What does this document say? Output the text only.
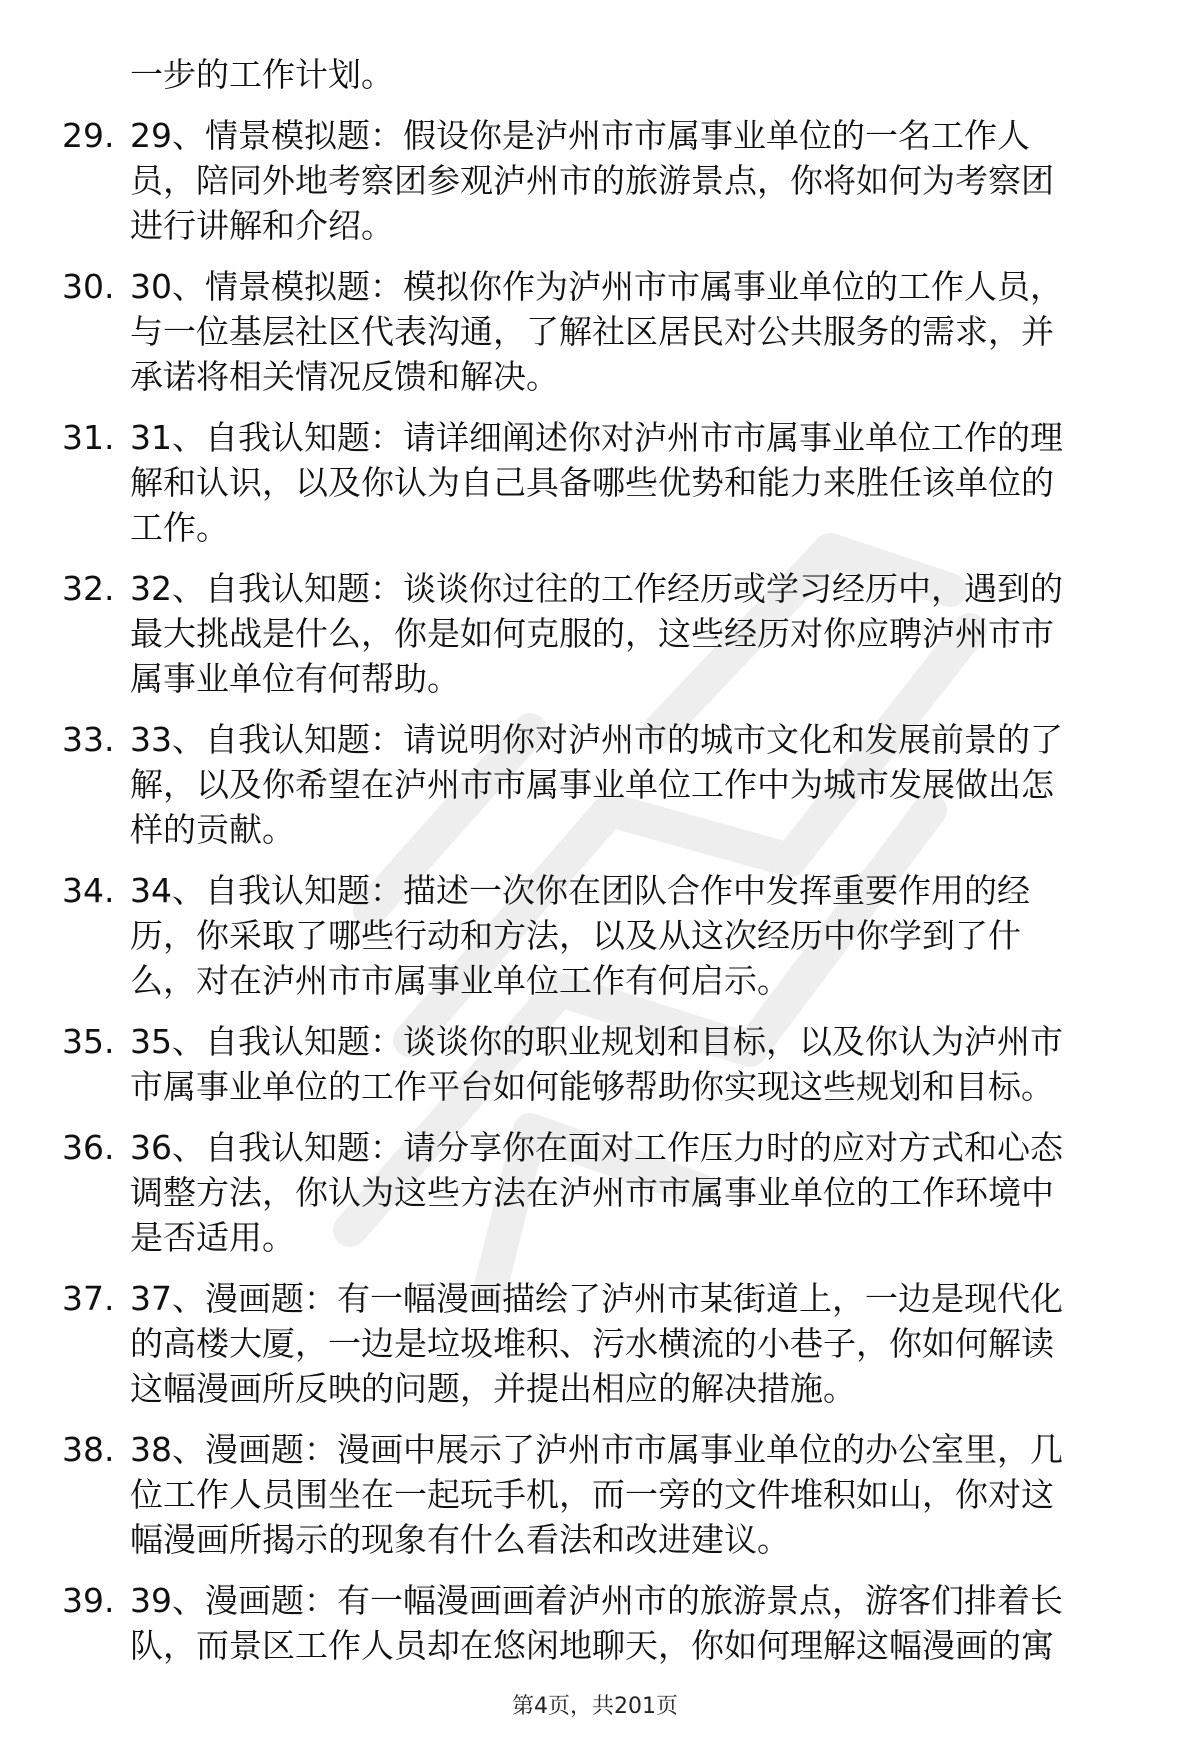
一步的工作计划。
29. 29、情景模拟题：假设你是泸州市市属事业单位的一名工作人
员，陪同外地考察团参观泸州市的旅游景点，你将如何为考察团
进行讲解和介绍。
30. 30、情景模拟题：模拟你作为泸州市市属事业单位的工作人员，
与一位基层社区代表沟通，了解社区居民对公共服务的需求，并
承诺将相关情况反馈和解决。
31. 31、自我认知题：请详细阐述你对泸州市市属事业单位工作的理
解和认识，以及你认为自己具备哪些优势和能力来胜任该单位的
工作。
32. 32、自我认知题：谈谈你过往的工作经历或学习经历中，遇到的
最大挑战是什么，你是如何克服的，这些经历对你应聘泸州市市
属事业单位有何帮助。
33. 33、自我认知题：请说明你对泸州市的城市文化和发展前景的了
解，以及你希望在泸州市市属事业单位工作中为城市发展做出怎
样的贡献。
34. 34、自我认知题：描述一次你在团队合作中发挥重要作用的经
历，你采取了哪些行动和方法，以及从这次经历中你学到了什
么，对在泸州市市属事业单位工作有何启示。
35. 35、自我认知题：谈谈你的职业规划和目标，以及你认为泸州市
市属事业单位的工作平台如何能够帮助你实现这些规划和目标。
36. 36、自我认知题：请分享你在面对工作压力时的应对方式和心态
调整方法，你认为这些方法在泸州市市属事业单位的工作环境中
是否适用。
37. 37、漫画题：有一幅漫画描绘了泸州市某街道上，一边是现代化
的高楼大厦，一边是垃圾堆积、污水横流的小巷子，你如何解读
这幅漫画所反映的问题，并提出相应的解决措施。
38. 38、漫画题：漫画中展示了泸州市市属事业单位的办公室里，几
位工作人员围坐在一起玩手机，而一旁的文件堆积如山，你对这
幅漫画所揭示的现象有什么看法和改进建议。
39. 39、漫画题：有一幅漫画画着泸州市的旅游景点，游客们排着长
队，而景区工作人员却在悠闲地聊天，你如何理解这幅漫画的寓
第4页，共201页
